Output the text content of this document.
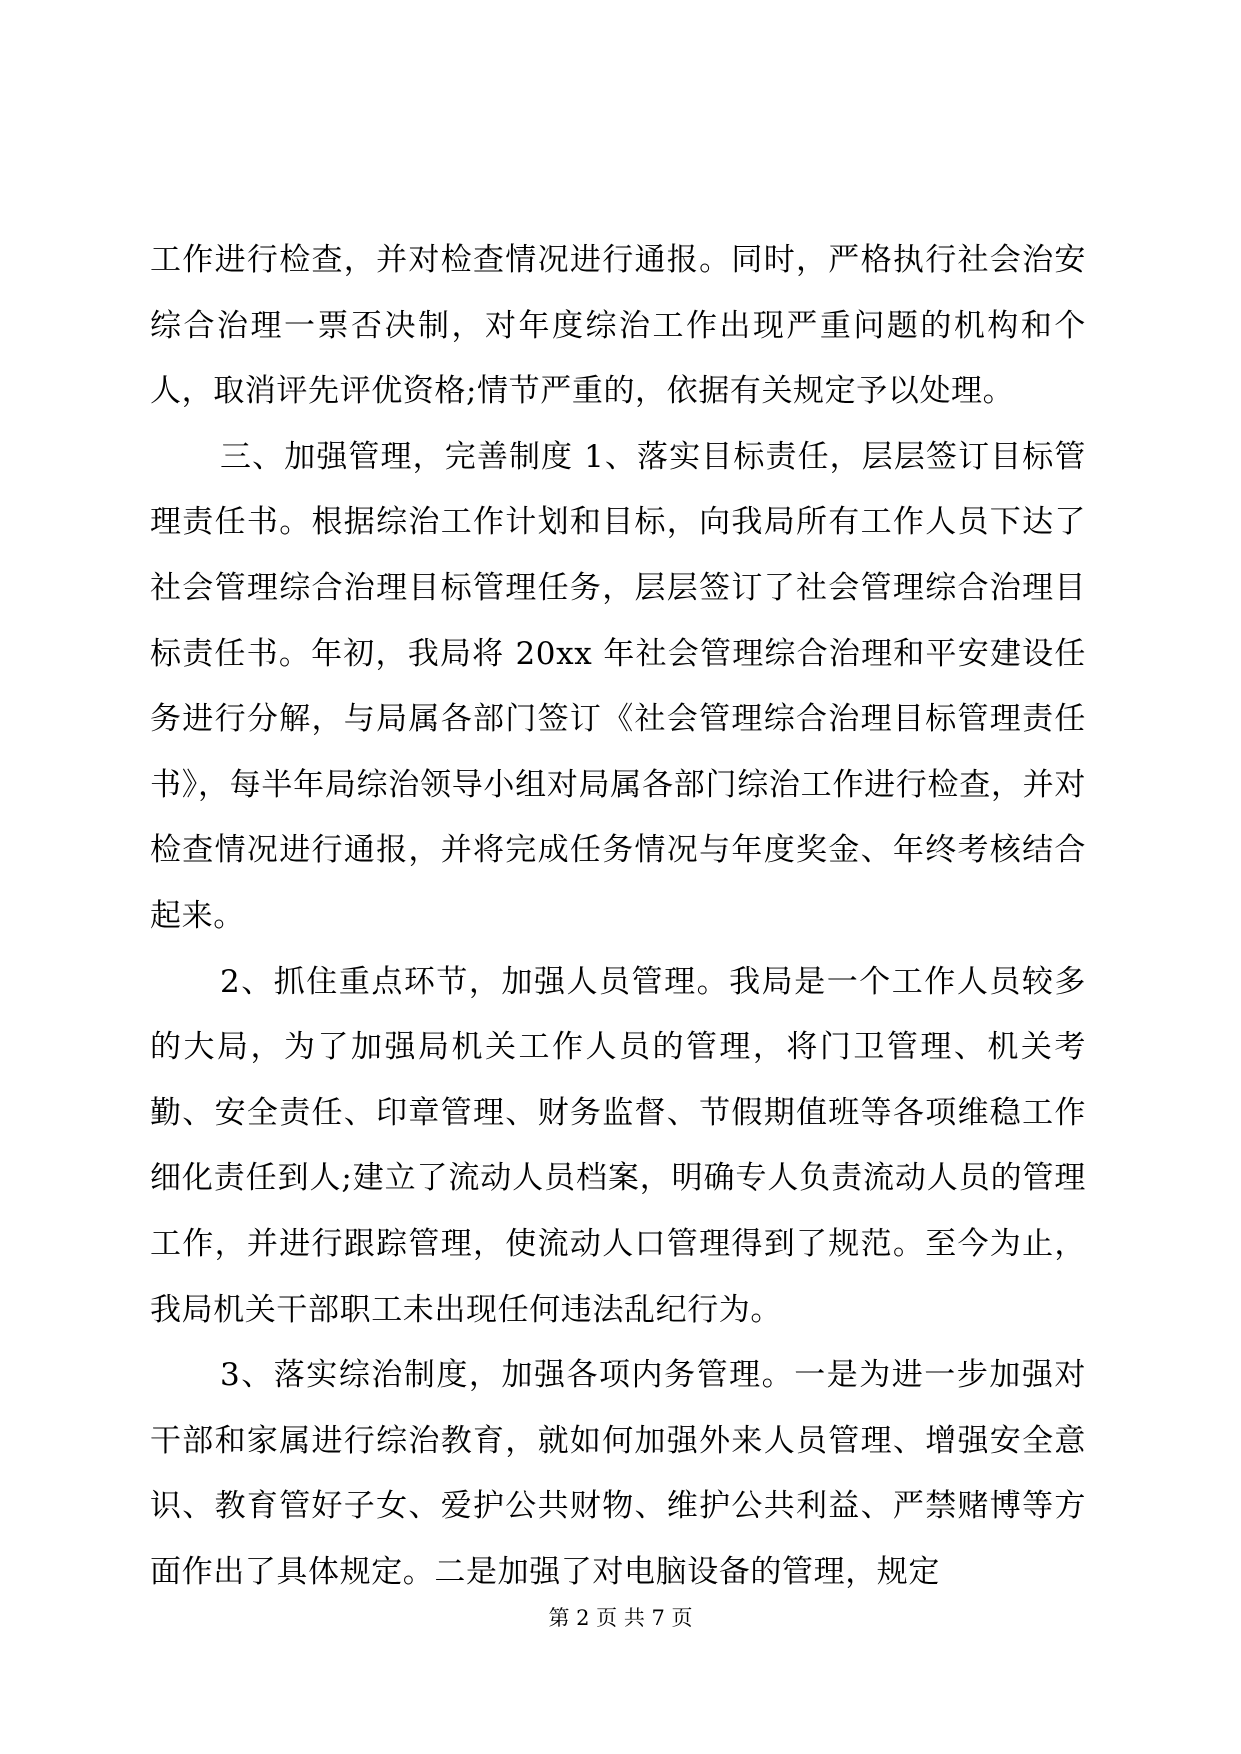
工作进行检查，并对检查情况进行通报。同时，严格执行社会治安综合治理一票否决制，对年度综治工作出现严重问题的机构和个人，取消评先评优资格;情节严重的，依据有关规定予以处理。

三、加强管理，完善制度 1、落实目标责任，层层签订目标管理责任书。根据综治工作计划和目标，向我局所有工作人员下达了社会管理综合治理目标管理任务，层层签订了社会管理综合治理目标责任书。年初，我局将 20xx 年社会管理综合治理和平安建设任务进行分解，与局属各部门签订《社会管理综合治理目标管理责任书》，每半年局综治领导小组对局属各部门综治工作进行检查，并对检查情况进行通报，并将完成任务情况与年度奖金、年终考核结合起来。

2、抓住重点环节，加强人员管理。我局是一个工作人员较多的大局，为了加强局机关工作人员的管理，将门卫管理、机关考勤、安全责任、印章管理、财务监督、节假期值班等各项维稳工作细化责任到人;建立了流动人员档案，明确专人负责流动人员的管理工作，并进行跟踪管理，使流动人口管理得到了规范。至今为止，我局机关干部职工未出现任何违法乱纪行为。

3、落实综治制度，加强各项内务管理。一是为进一步加强对干部和家属进行综治教育，就如何加强外来人员管理、增强安全意识、教育管好子女、爱护公共财物、维护公共利益、严禁赌博等方面作出了具体规定。二是加强了对电脑设备的管理，规定

第 2 页 共 7 页
